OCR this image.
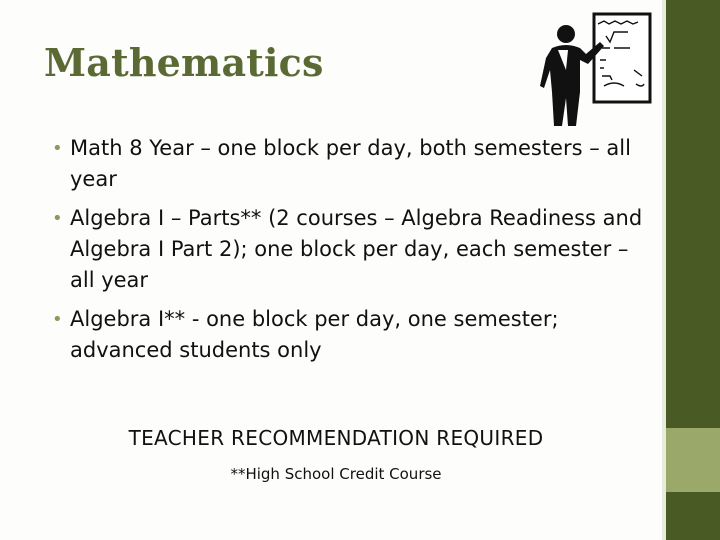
Mathematics
• Math 8 Year – one block per day, both semesters – all year
• Algebra I – Parts** (2 courses – Algebra Readiness and Algebra I Part 2); one block per day, each semester – all year
• Algebra I** - one block per day, one semester; advanced students only
TEACHER RECOMMENDATION REQUIRED
**High School Credit Course
